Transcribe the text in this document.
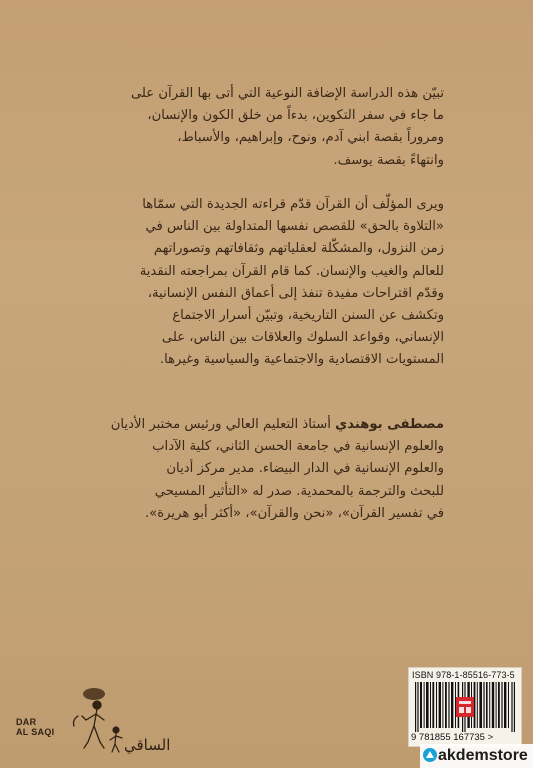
تبيّن هذه الدراسة الإضافة النوعية التي أتى بها القرآن على
ما جاء في سفر التكوين، بدءاً من خلق الكون والإنسان،
ومروراً بقصة ابني آدم، ونوح، وإبراهيم، والأسباط،
وانتهاءً بقصة يوسف.

ويرى المؤلّف أن القرآن قدّم قراءته الجديدة التي سمّاها
«التلاوة بالحق» للقصص نفسها المتداولة بين الناس في
زمن النزول، والمشكّلة لعقلياتهم وثقافاتهم وتصوراتهم
للعالم والغيب والإنسان. كما قام القرآن بمراجعته النقدية
وقدّم اقتراحات مفيدة تنفذ إلى أعماق النفس الإنسانية،
وتكشف عن السنن التاريخية، وتبيّن أسرار الاجتماع
الإنساني، وقواعد السلوك والعلاقات بين الناس، على
المستويات الاقتصادية والاجتماعية والسياسية وغيرها.

مصطفى بوهندي أستاذ التعليم العالي ورئيس مختبر الأديان
والعلوم الإنسانية في جامعة الحسن الثاني، كلية الآداب
والعلوم الإنسانية في الدار البيضاء. مدير مركز أديان
للبحث والترجمة بالمحمدية. صدر له «التأثير المسيحي
في تفسير القرآن»، «نحن والقرآن»، «أكثر أبو هريرة».

DAR
AL SAQI
الساقي
ISBN 978-1-85516-773-5
9 781855 167735 >
akdemstore
